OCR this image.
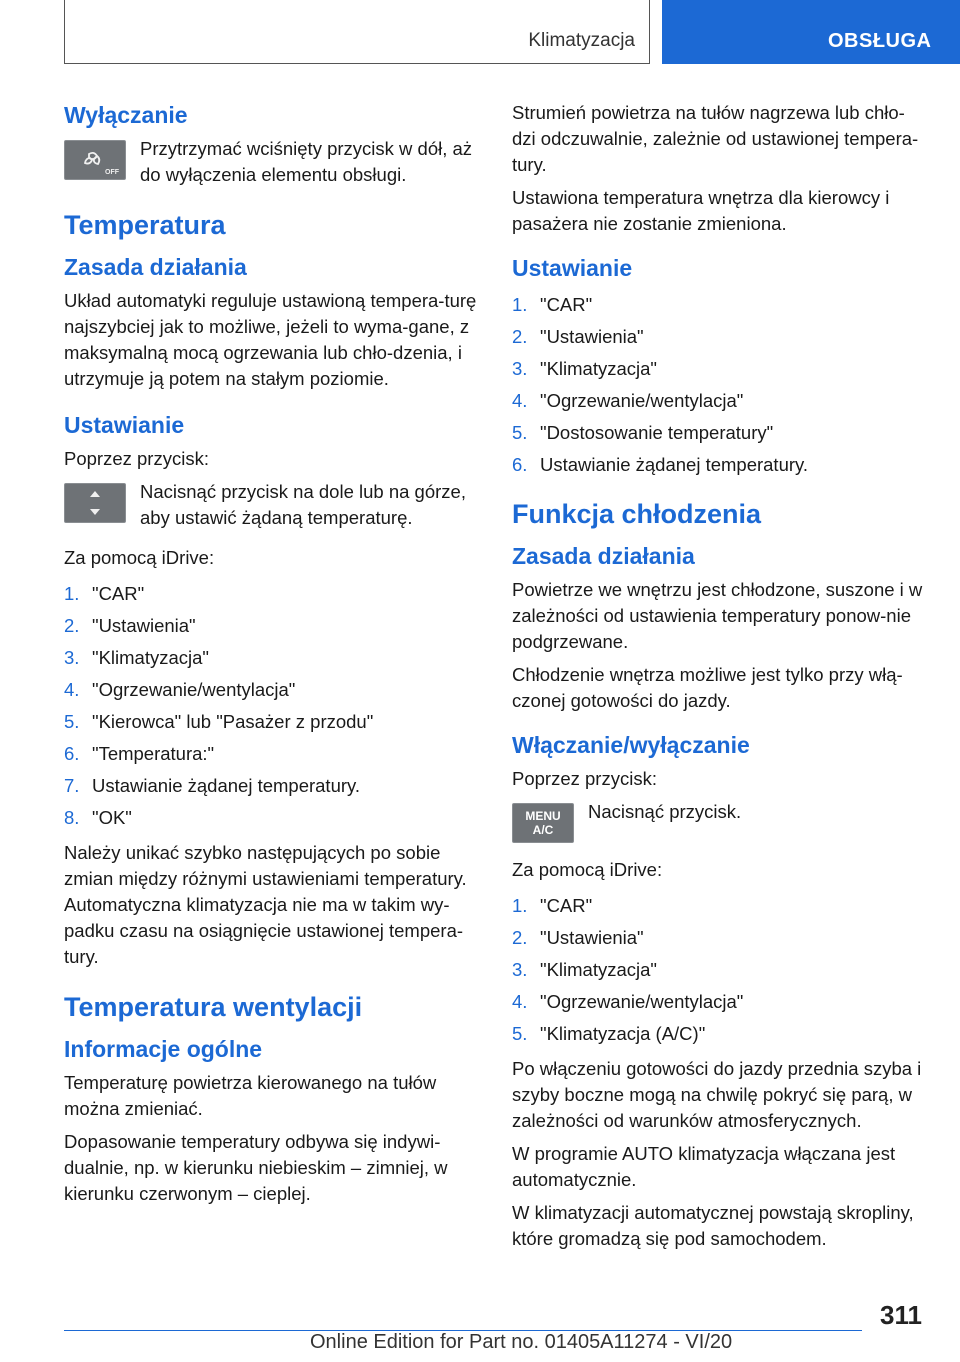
Klimatyzacja	OBSŁUGA
Wyłączanie
OFF
Przytrzymać wciśnięty przycisk w dół, aż do wyłączenia elementu obsługi.
Temperatura
Zasada działania
Układ automatyki reguluje ustawioną tempera-turę najszybciej jak to możliwe, jeżeli to wyma-gane, z maksymalną mocą ogrzewania lub chło-dzenia, i utrzymuje ją potem na stałym poziomie.
Ustawianie
Poprzez przycisk:
Nacisnąć przycisk na dole lub na górze, aby ustawić żądaną temperaturę.
Za pomocą iDrive:
1. "CAR"
2. "Ustawienia"
3. "Klimatyzacja"
4. "Ogrzewanie/wentylacja"
5. "Kierowca" lub "Pasażer z przodu"
6. "Temperatura:"
7. Ustawianie żądanej temperatury.
8. "OK"
Należy unikać szybko następujących po sobie zmian między różnymi ustawieniami temperatury. Automatyczna klimatyzacja nie ma w takim wy-padku czasu na osiągnięcie ustawionej tempera-tury.
Temperatura wentylacji
Informacje ogólne
Temperaturę powietrza kierowanego na tułów można zmieniać.
Dopasowanie temperatury odbywa się indywi-dualnie, np. w kierunku niebieskim – zimniej, w kierunku czerwonym – cieplej.
Strumień powietrza na tułów nagrzewa lub chło-dzi odczuwalnie, zależnie od ustawionej tempera-tury.
Ustawiona temperatura wnętrza dla kierowcy i pasażera nie zostanie zmieniona.
Ustawianie
1. "CAR"
2. "Ustawienia"
3. "Klimatyzacja"
4. "Ogrzewanie/wentylacja"
5. "Dostosowanie temperatury"
6. Ustawianie żądanej temperatury.
Funkcja chłodzenia
Zasada działania
Powietrze we wnętrzu jest chłodzone, suszone i w zależności od ustawienia temperatury ponow-nie podgrzewane.
Chłodzenie wnętrza możliwe jest tylko przy włą-czonej gotowości do jazdy.
Włączanie/wyłączanie
Poprzez przycisk:
MENU
A/C
Nacisnąć przycisk.
Za pomocą iDrive:
1. "CAR"
2. "Ustawienia"
3. "Klimatyzacja"
4. "Ogrzewanie/wentylacja"
5. "Klimatyzacja (A/C)"
Po włączeniu gotowości do jazdy przednia szyba i szyby boczne mogą na chwilę pokryć się parą, w zależności od warunków atmosferycznych.
W programie AUTO klimatyzacja włączana jest automatycznie.
W klimatyzacji automatycznej powstają skropliny, które gromadzą się pod samochodem.
311
Online Edition for Part no. 01405A11274 - VI/20
